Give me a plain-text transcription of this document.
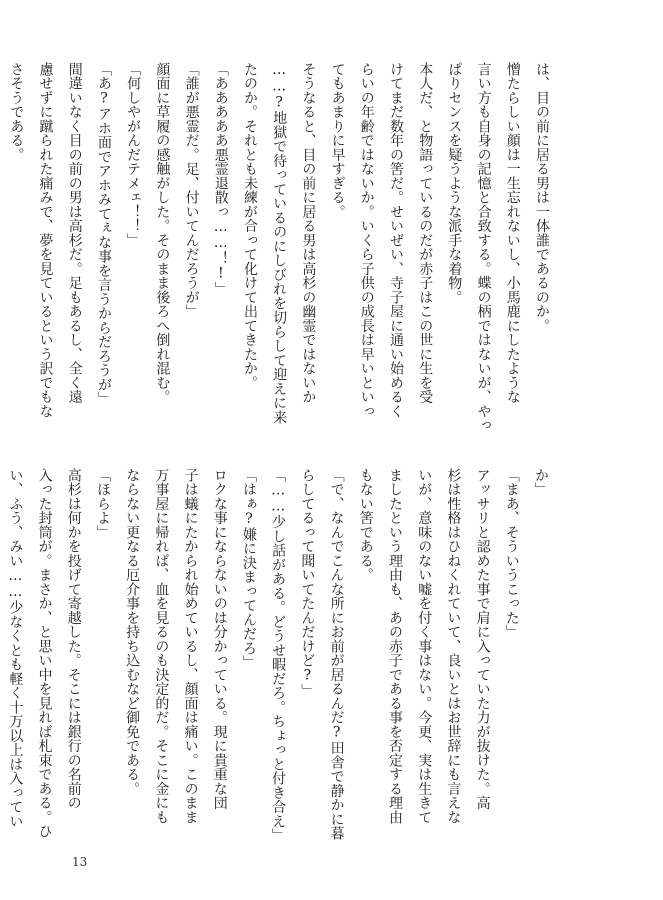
は、目の前に居る男は一体誰であるのか。
憎たらしい顔は一生忘れないし、小馬鹿にしたような
言い方も自身の記憶と合致する。蝶の柄ではないが、やっ
ぱりセンスを疑うような派手な着物。
本人だ、と物語っているのだが赤子はこの世に生を受
けてまだ数年の筈だ。せいぜい、寺子屋に通い始めるく
らいの年齢ではないか。いくら子供の成長は早いといっ
てもあまりに早すぎる。
そうなると、目の前に居る男は高杉の幽霊ではないか
……?地獄で待っているのにしびれを切らして迎えに来
たのか。それとも未練が合って化けて出てきたか。
「あああああ悪霊退散っ……！!」
「誰が悪霊だ。足、付いてんだろうが」
顔面に草履の感触がした。そのまま後ろへ倒れ混む。
「何しやがんだテメェ！！」
「あ?アホ面でアホみてぇな事を言うからだろうが」
間違いなく目の前の男は高杉だ。足もあるし、全く遠
慮せずに蹴られた痛みで、夢を見ているという訳でもな
さそうである。
か」
「まあ、そういうこった」
アッサリと認めた事で肩に入っていた力が抜けた。高
杉は性格はひねくれていて、良いとはお世辞にも言えな
いが、意味のない嘘を付く事はない。今更、実は生きて
ましたという理由も、あの赤子である事を否定する理由
もない筈である。
「で、なんでこんな所にお前が居るんだ?田舎で静かに暮
らしてるって聞いてたんだけど?」
「……少し話がある。どうせ暇だろ。ちょっと付き合え」
「はぁ?嫌に決まってんだろ」
ロクな事にならないのは分かっている。現に貴重な団
子は蟻にたかられ始めているし、顔面は痛い。このまま
万事屋に帰れば、血を見るのも決定的だ。そこに金にも
ならない更なる厄介事を持ち込むなど御免である。
「ほらよ」
高杉は何かを投げて寄越した。そこには銀行の名前の
入った封筒が。まさか、と思い中を見れば札束である。ひ
い、ふう、みい……少なくとも軽く十万以上は入ってい
13
